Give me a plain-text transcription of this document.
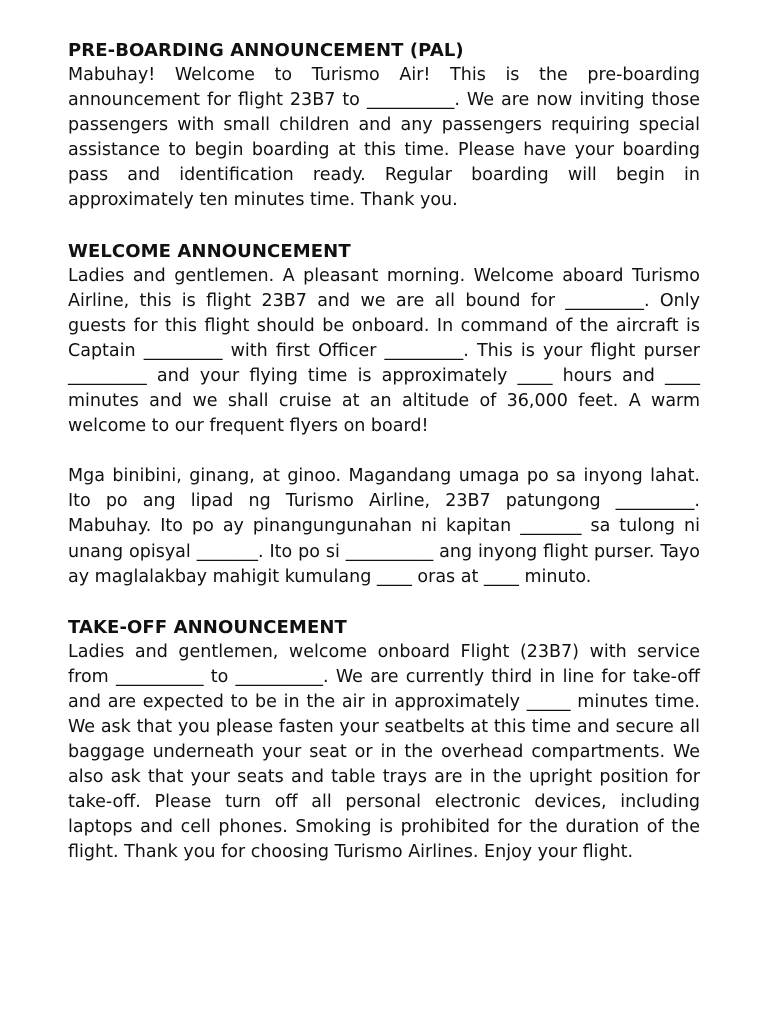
PRE-BOARDING ANNOUNCEMENT (PAL)

Mabuhay! Welcome to Turismo Air! This is the pre-boarding announcement for flight 23B7 to __________. We are now inviting those passengers with small children and any passengers requiring special assistance to begin boarding at this time. Please have your boarding pass and identification ready. Regular boarding will begin in approximately ten minutes time. Thank you.

WELCOME ANNOUNCEMENT

Ladies and gentlemen. A pleasant morning. Welcome aboard Turismo Airline, this is flight 23B7 and we are all bound for _________. Only guests for this flight should be onboard. In command of the aircraft is Captain _________ with first Officer _________. This is your flight purser _________ and your flying time is approximately ____ hours and ____ minutes and we shall cruise at an altitude of 36,000 feet. A warm welcome to our frequent flyers on board!

Mga binibini, ginang, at ginoo. Magandang umaga po sa inyong lahat. Ito po ang lipad ng Turismo Airline, 23B7 patungong _________. Mabuhay. Ito po ay pinangungunahan ni kapitan _______ sa tulong ni unang opisyal _______. Ito po si __________ ang inyong flight purser. Tayo ay maglalakbay mahigit kumulang ____ oras at ____ minuto.

TAKE-OFF ANNOUNCEMENT

Ladies and gentlemen, welcome onboard Flight (23B7) with service from __________ to __________. We are currently third in line for take-off and are expected to be in the air in approximately _____ minutes time. We ask that you please fasten your seatbelts at this time and secure all baggage underneath your seat or in the overhead compartments. We also ask that your seats and table trays are in the upright position for take-off. Please turn off all personal electronic devices, including laptops and cell phones. Smoking is prohibited for the duration of the flight. Thank you for choosing Turismo Airlines. Enjoy your flight.
